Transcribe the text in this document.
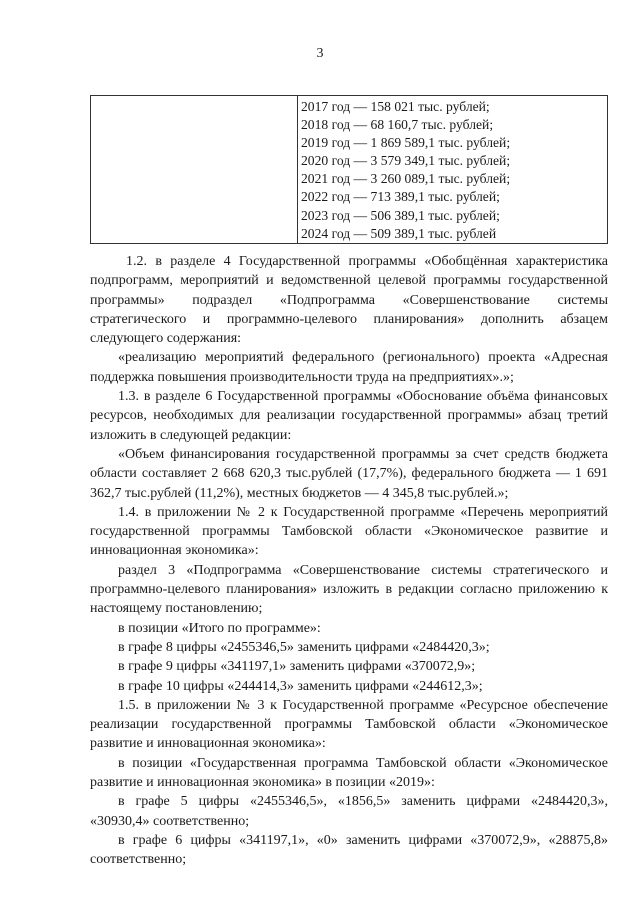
3

2017 год — 158 021 тыс. рублей;
2018 год — 68 160,7 тыс. рублей;
2019 год — 1 869 589,1 тыс. рублей;
2020 год — 3 579 349,1 тыс. рублей;
2021 год — 3 260 089,1 тыс. рублей;
2022 год — 713 389,1 тыс. рублей;
2023 год — 506 389,1 тыс. рублей;
2024 год — 509 389,1 тыс. рублей

1.2. в разделе 4 Государственной программы «Обобщённая характеристика подпрограмм, мероприятий и ведомственной целевой программы государственной программы» подраздел «Подпрограмма «Совершенствование системы стратегического и программно-целевого планирования» дополнить абзацем следующего содержания:

«реализацию мероприятий федерального (регионального) проекта «Адресная поддержка повышения производительности труда на предприятиях».»;

1.3. в разделе 6 Государственной программы «Обоснование объёма финансовых ресурсов, необходимых для реализации государственной программы» абзац третий изложить в следующей редакции:

«Объем финансирования государственной программы за счет средств бюджета области составляет 2 668 620,3 тыс.рублей (17,7%), федерального бюджета — 1 691 362,7 тыс.рублей (11,2%), местных бюджетов — 4 345,8 тыс.рублей.»;

1.4. в приложении № 2 к Государственной программе «Перечень мероприятий государственной программы Тамбовской области «Экономическое развитие и инновационная экономика»:

раздел 3 «Подпрограмма «Совершенствование системы стратегического и программно-целевого планирования» изложить в редакции согласно приложению к настоящему постановлению;

в позиции «Итого по программе»:

в графе 8 цифры «2455346,5» заменить цифрами «2484420,3»;

в графе 9 цифры «341197,1» заменить цифрами «370072,9»;

в графе 10 цифры «244414,3» заменить цифрами «244612,3»;

1.5. в приложении № 3 к Государственной программе «Ресурсное обеспечение реализации государственной программы Тамбовской области «Экономическое развитие и инновационная экономика»:

в позиции «Государственная программа Тамбовской области «Экономическое развитие и инновационная экономика» в позиции «2019»:

в графе 5 цифры «2455346,5», «1856,5» заменить цифрами «2484420,3», «30930,4» соответственно;

в графе 6 цифры «341197,1», «0» заменить цифрами «370072,9», «28875,8» соответственно;
